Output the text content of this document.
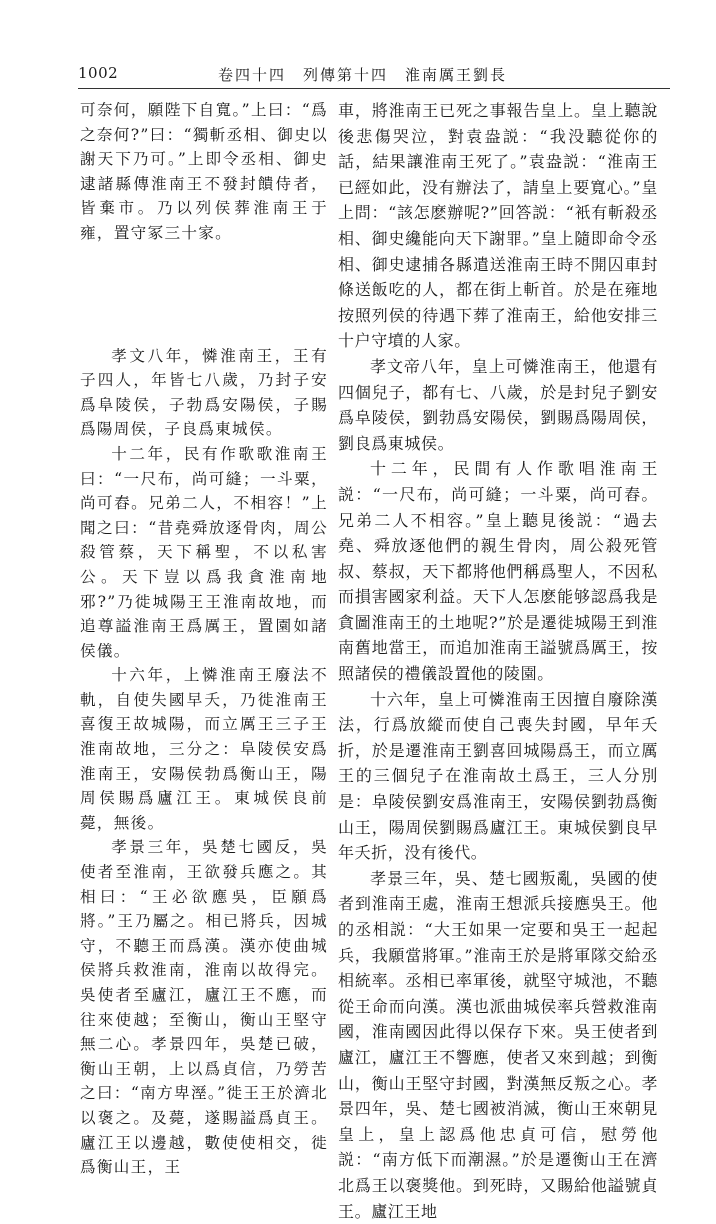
1002	卷四十四　列傳第十四　淮南厲王劉長

可奈何，願陛下自寬。”上曰：“爲之奈何?”曰：“獨斬丞相、御史以謝天下乃可。”上即令丞相、御史逮諸縣傳淮南王不發封饋侍者，皆棄市。乃以列侯葬淮南王于雍，置守冢三十家。

孝文八年，憐淮南王，王有子四人，年皆七八歲，乃封子安爲阜陵侯，子勃爲安陽侯，子賜爲陽周侯，子良爲東城侯。

十二年，民有作歌歌淮南王曰：“一尺布，尚可縫；一斗粟，尚可舂。兄弟二人，不相容！”上聞之曰：“昔堯舜放逐骨肉，周公殺管蔡，天下稱聖，不以私害公。天下豈以爲我貪淮南地邪?”乃徙城陽王王淮南故地，而追尊謚淮南王爲厲王，置園如諸侯儀。

十六年，上憐淮南王廢法不軌，自使失國早夭，乃徙淮南王喜復王故城陽，而立厲王三子王淮南故地，三分之：阜陵侯安爲淮南王，安陽侯勃爲衡山王，陽周侯賜爲廬江王。東城侯良前薨，無後。

孝景三年，吳楚七國反，吳使者至淮南，王欲發兵應之。其相曰：“王必欲應吳，臣願爲將。”王乃屬之。相已將兵，因城守，不聽王而爲漢。漢亦使曲城侯將兵救淮南，淮南以故得完。吳使者至廬江，廬江王不應，而往來使越；至衡山，衡山王堅守無二心。孝景四年，吳楚已破，衡山王朝，上以爲貞信，乃勞苦之曰：“南方卑溼。”徙王王於濟北以褒之。及薨，遂賜謚爲貞王。廬江王以邊越，數使使相交，徙爲衡山王，王

車，將淮南王已死之事報告皇上。皇上聽說後悲傷哭泣，對袁盎説：“我没聽從你的話，結果讓淮南王死了。”袁盎説：“淮南王已經如此，没有辦法了，請皇上要寬心。”皇上問：“該怎麽辦呢?”回答説：“衹有斬殺丞相、御史纔能向天下謝罪。”皇上隨即命令丞相、御史逮捕各縣遣送淮南王時不開囚車封條送飯吃的人，都在街上斬首。於是在雍地按照列侯的待遇下葬了淮南王，給他安排三十户守墳的人家。

孝文帝八年，皇上可憐淮南王，他還有四個兒子，都有七、八歲，於是封兒子劉安爲阜陵侯，劉勃爲安陽侯，劉賜爲陽周侯，劉良爲東城侯。

十二年，民間有人作歌唱淮南王説：“一尺布，尚可縫；一斗粟，尚可舂。兄弟二人不相容。”皇上聽見後説：“過去堯、舜放逐他們的親生骨肉，周公殺死管叔、蔡叔，天下都將他們稱爲聖人，不因私而損害國家利益。天下人怎麽能够認爲我是貪圖淮南王的土地呢?”於是遷徙城陽王到淮南舊地當王，而追加淮南王謚號爲厲王，按照諸侯的禮儀設置他的陵園。

十六年，皇上可憐淮南王因擅自廢除漢法，行爲放縱而使自己喪失封國，早年夭折，於是遷淮南王劉喜回城陽爲王，而立厲王的三個兒子在淮南故土爲王，三人分別是：阜陵侯劉安爲淮南王，安陽侯劉勃爲衡山王，陽周侯劉賜爲廬江王。東城侯劉良早年夭折，没有後代。

孝景三年，吳、楚七國叛亂，吳國的使者到淮南王處，淮南王想派兵接應吳王。他的丞相説：“大王如果一定要和吳王一起起兵，我願當將軍。”淮南王於是將軍隊交給丞相統率。丞相已率軍後，就堅守城池，不聽從王命而向漢。漢也派曲城侯率兵營救淮南國，淮南國因此得以保存下來。吳王使者到廬江，廬江王不響應，使者又來到越；到衡山，衡山王堅守封國，對漢無反叛之心。孝景四年，吳、楚七國被消滅，衡山王來朝見皇上，皇上認爲他忠貞可信，慰勞他説：“南方低下而潮濕。”於是遷衡山王在濟北爲王以褒獎他。到死時，又賜給他謚號貞王。廬江王地
